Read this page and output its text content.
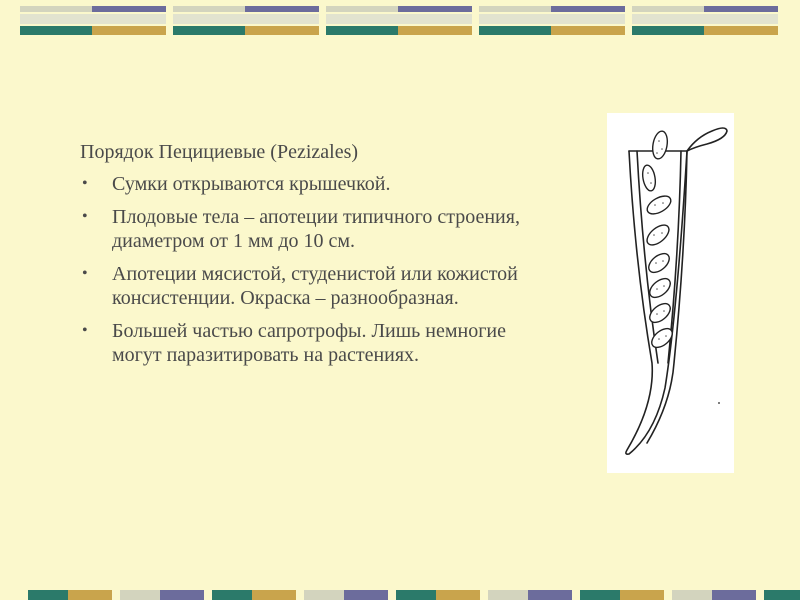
Порядок Пецициевые (Pezizales)
• Сумки открываются крышечкой.
• Плодовые тела – апотеции типичного строения, диаметром от 1 мм до 10 см.
• Апотеции мясистой, студенистой или кожистой консистенции. Окраска – разнообразная.
• Большей частью сапротрофы. Лишь немногие могут паразитировать на растениях.
